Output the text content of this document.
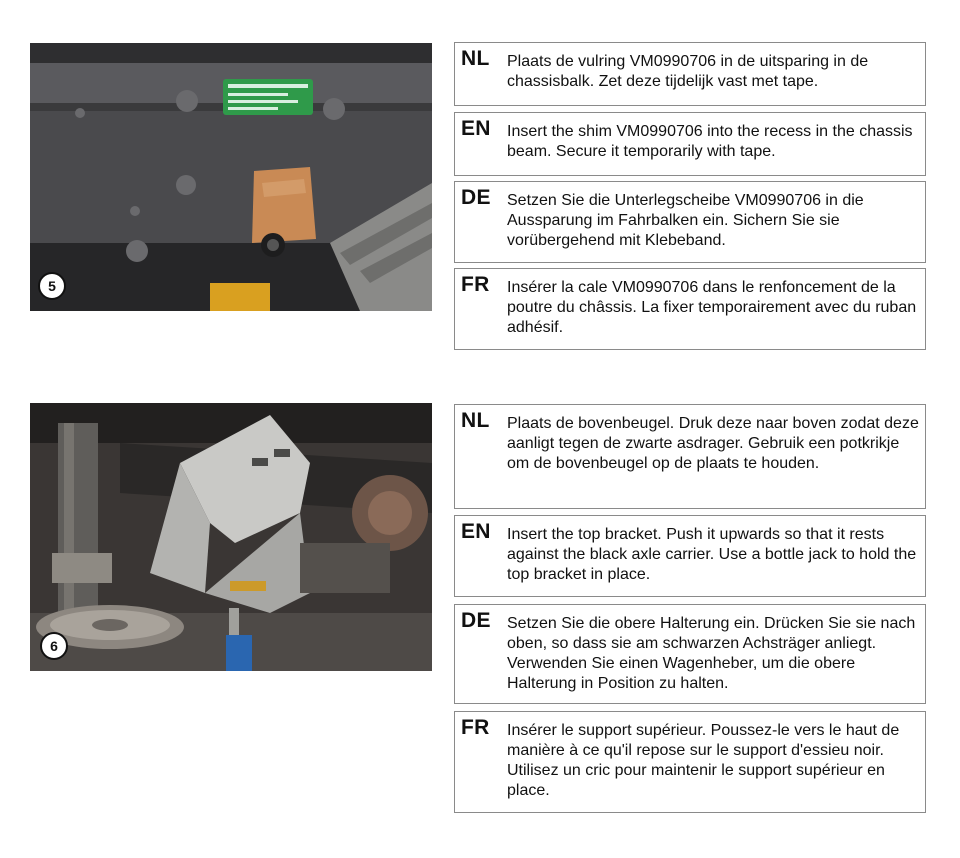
5
NL Plaats de vulring VM0990706 in de uitsparing in de chassisbalk. Zet deze tijdelijk vast met tape.
EN Insert the shim VM0990706 into the recess in the chassis beam. Secure it temporarily with tape.
DE Setzen Sie die Unterlegscheibe VM0990706 in die Aussparung im Fahrbalken ein. Sichern Sie sie vorübergehend mit Klebeband.
FR Insérer la cale VM0990706 dans le renfoncement de la poutre du châssis. La fixer temporairement avec du ruban adhésif.
6
NL Plaats de bovenbeugel. Druk deze naar boven zodat deze aanligt tegen de zwarte asdrager. Gebruik een potkrikje om de bovenbeugel op de plaats te houden.
EN Insert the top bracket. Push it upwards so that it rests against the black axle carrier. Use a bottle jack to hold the top bracket in place.
DE Setzen Sie die obere Halterung ein. Drücken Sie sie nach oben, so dass sie am schwarzen Achsträger anliegt. Verwenden Sie einen Wagenheber, um die obere Halterung in Position zu halten.
FR Insérer le support supérieur. Poussez-le vers le haut de manière à ce qu'il repose sur le support d'essieu noir. Utilisez un cric pour maintenir le support supérieur en place.
